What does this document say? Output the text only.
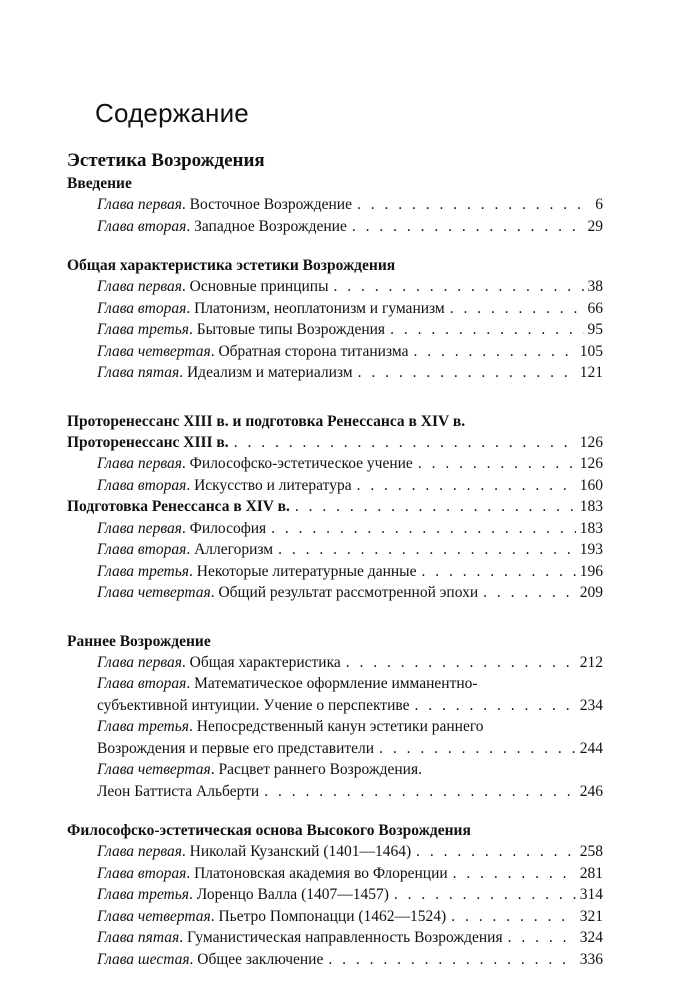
Содержание
Эстетика Возрождения
Введение
Глава первая. Восточное Возрождение . . .	6
Глава вторая. Западное Возрождение . . .	29
Общая характеристика эстетики Возрождения
Глава первая. Основные принципы . . .	38
Глава вторая. Платонизм, неоплатонизм и гуманизм . . .	66
Глава третья. Бытовые типы Возрождения . . .	95
Глава четвертая. Обратная сторона титанизма . . .	105
Глава пятая. Идеализм и материализм . . .	121
Проторенессанс XIII в. и подготовка Ренессанса в XIV в.
Проторенессанс XIII в. . . .	126
Глава первая. Философско-эстетическое учение . . .	126
Глава вторая. Искусство и литература . . .	160
Подготовка Ренессанса в XIV в. . . .	183
Глава первая. Философия . . .	183
Глава вторая. Аллегоризм . . .	193
Глава третья. Некоторые литературные данные . . .	196
Глава четвертая. Общий результат рассмотренной эпохи . . .	209
Раннее Возрождение
Глава первая. Общая характеристика . . .	212
Глава вторая. Математическое оформление имманентно-
субъективной интуиции. Учение о перспективе . . .	234
Глава третья. Непосредственный канун эстетики раннего
Возрождения и первые его представители . . .	244
Глава четвертая. Расцвет раннего Возрождения.
Леон Баттиста Альберти . . .	246
Философско-эстетическая основа Высокого Возрождения
Глава первая. Николай Кузанский (1401—1464) . . .	258
Глава вторая. Платоновская академия во Флоренции . . .	281
Глава третья. Лоренцо Валла (1407—1457) . . .	314
Глава четвертая. Пьетро Помпонацци (1462—1524) . . .	321
Глава пятая. Гуманистическая направленность Возрождения . . .	324
Глава шестая. Общее заключение . . .	336
